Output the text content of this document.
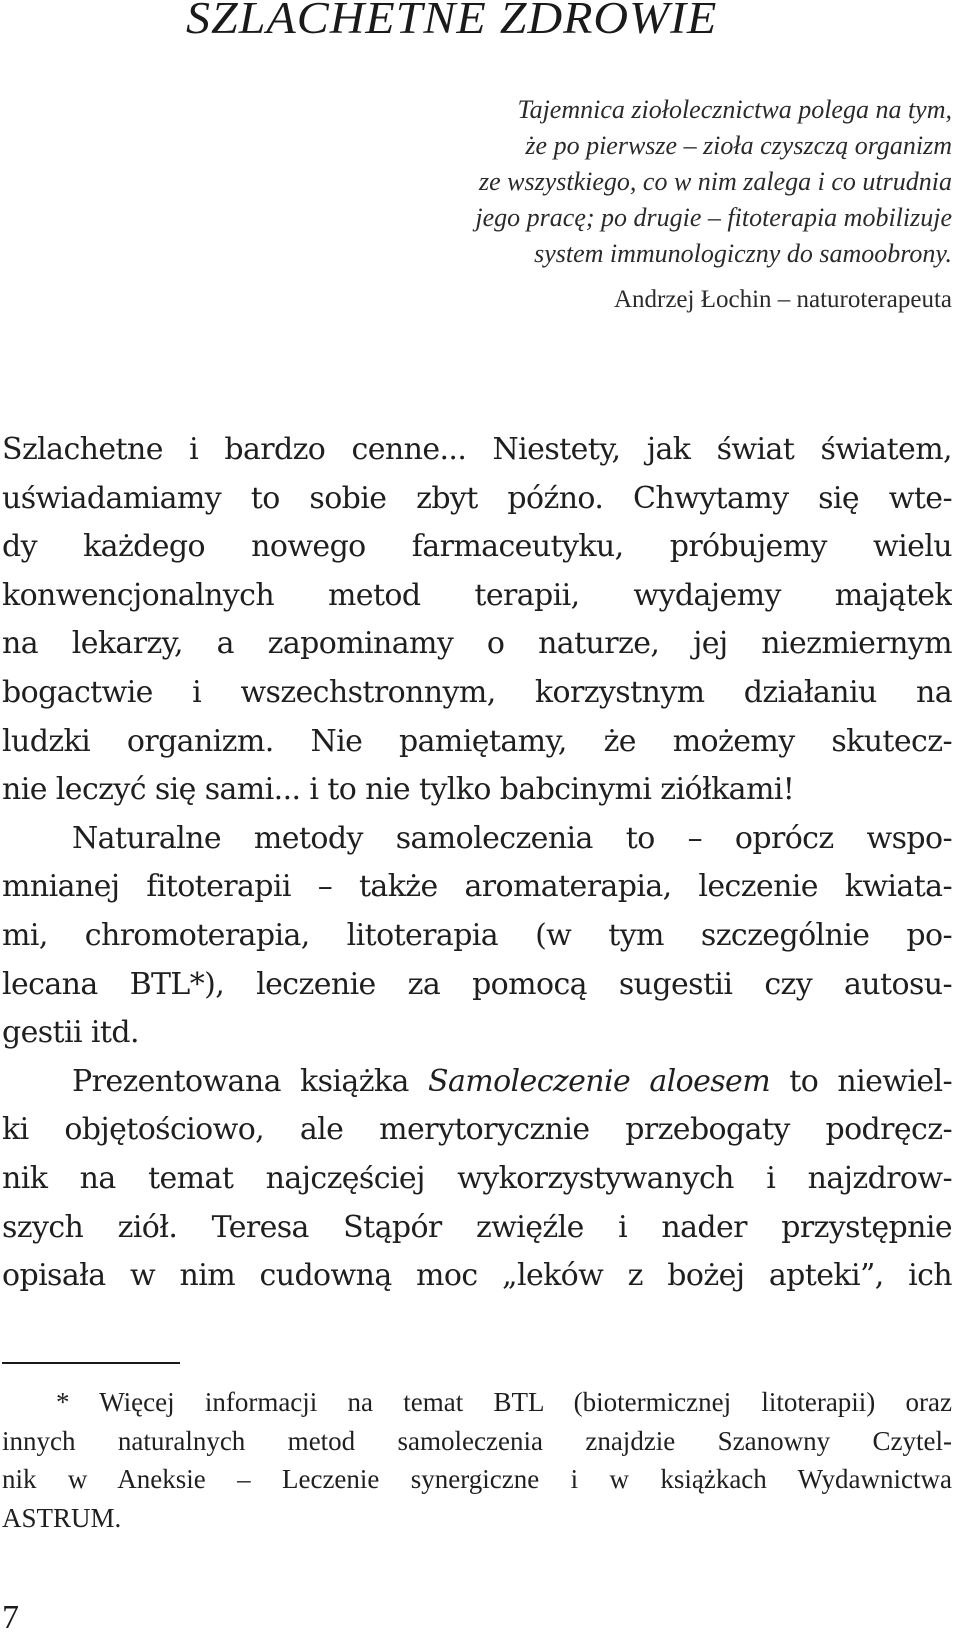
SZLACHETNE ZDROWIE
Tajemnica ziołolecznictwa polega na tym,
że po pierwsze – zioła czyszczą organizm
ze wszystkiego, co w nim zalega i co utrudnia
jego pracę; po drugie – fitoterapia mobilizuje
system immunologiczny do samoobrony.
Andrzej Łochin – naturoterapeuta
Szlachetne i bardzo cenne... Niestety, jak świat światem,
uświadamiamy to sobie zbyt późno. Chwytamy się wte-
dy każdego nowego farmaceutyku, próbujemy wielu
konwencjonalnych metod terapii, wydajemy majątek
na lekarzy, a zapominamy o naturze, jej niezmiernym
bogactwie i wszechstronnym, korzystnym działaniu na
ludzki organizm. Nie pamiętamy, że możemy skutecz-
nie leczyć się sami... i to nie tylko babcinymi ziółkami!
Naturalne metody samoleczenia to – oprócz wspo-
mnianej fitoterapii – także aromaterapia, leczenie kwiata-
mi, chromoterapia, litoterapia (w tym szczególnie po-
lecana BTL*), leczenie za pomocą sugestii czy autosu-
gestii itd.
Prezentowana książka Samoleczenie aloesem to niewiel-
ki objętościowo, ale merytorycznie przebogaty podręcz-
nik na temat najczęściej wykorzystywanych i najzdrow-
szych ziół. Teresa Stąpór zwięźle i nader przystępnie
opisała w nim cudowną moc „leków z bożej apteki”, ich
* Więcej informacji na temat BTL (biotermicznej litoterapii) oraz
innych naturalnych metod samoleczenia znajdzie Szanowny Czytel-
nik w Aneksie – Leczenie synergiczne i w książkach Wydawnictwa
ASTRUM.

7
